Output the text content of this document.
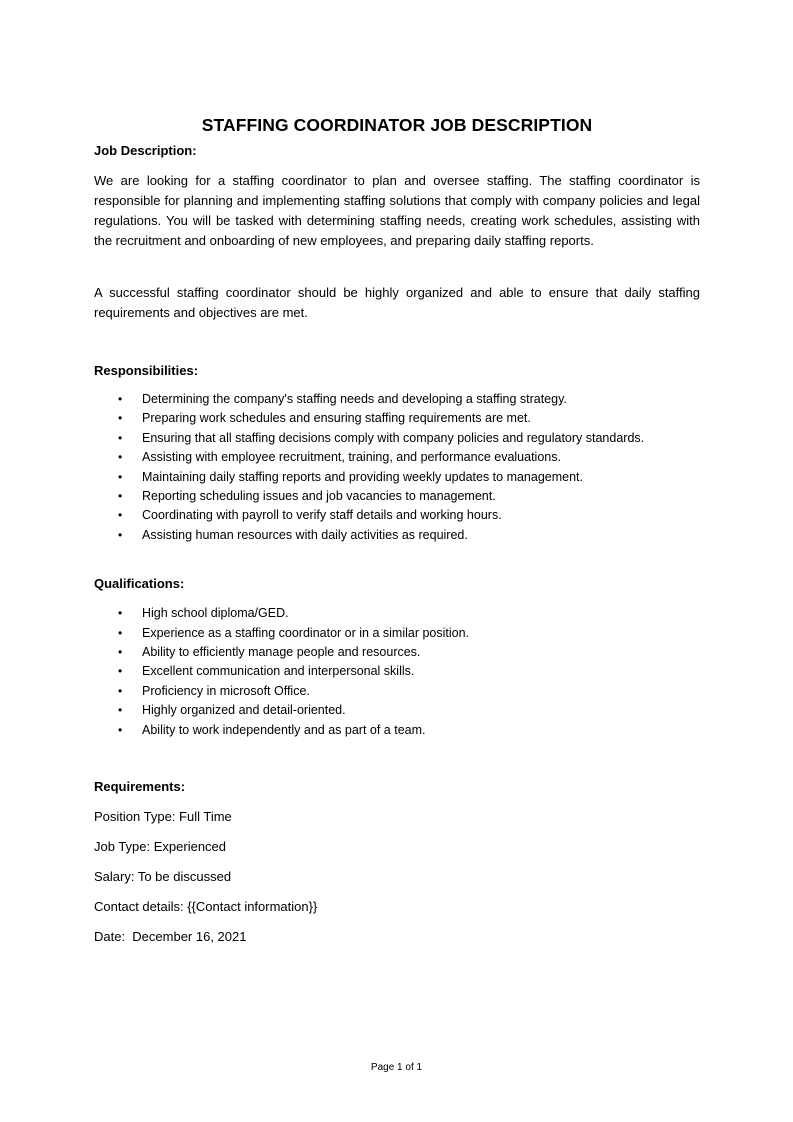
STAFFING COORDINATOR JOB DESCRIPTION

Job Description:

We are looking for a staffing coordinator to plan and oversee staffing. The staffing coordinator is responsible for planning and implementing staffing solutions that comply with company policies and legal regulations. You will be tasked with determining staffing needs, creating work schedules, assisting with the recruitment and onboarding of new employees, and preparing daily staffing reports.

A successful staffing coordinator should be highly organized and able to ensure that daily staffing requirements and objectives are met.

Responsibilities:

• Determining the company's staffing needs and developing a staffing strategy.
• Preparing work schedules and ensuring staffing requirements are met.
• Ensuring that all staffing decisions comply with company policies and regulatory standards.
• Assisting with employee recruitment, training, and performance evaluations.
• Maintaining daily staffing reports and providing weekly updates to management.
• Reporting scheduling issues and job vacancies to management.
• Coordinating with payroll to verify staff details and working hours.
• Assisting human resources with daily activities as required.

Qualifications:

• High school diploma/GED.
• Experience as a staffing coordinator or in a similar position.
• Ability to efficiently manage people and resources.
• Excellent communication and interpersonal skills.
• Proficiency in microsoft Office.
• Highly organized and detail-oriented.
• Ability to work independently and as part of a team.

Requirements:

Position Type: Full Time

Job Type: Experienced

Salary: To be discussed

Contact details: {{Contact information}}

Date:  December 16, 2021

Page 1 of 1
